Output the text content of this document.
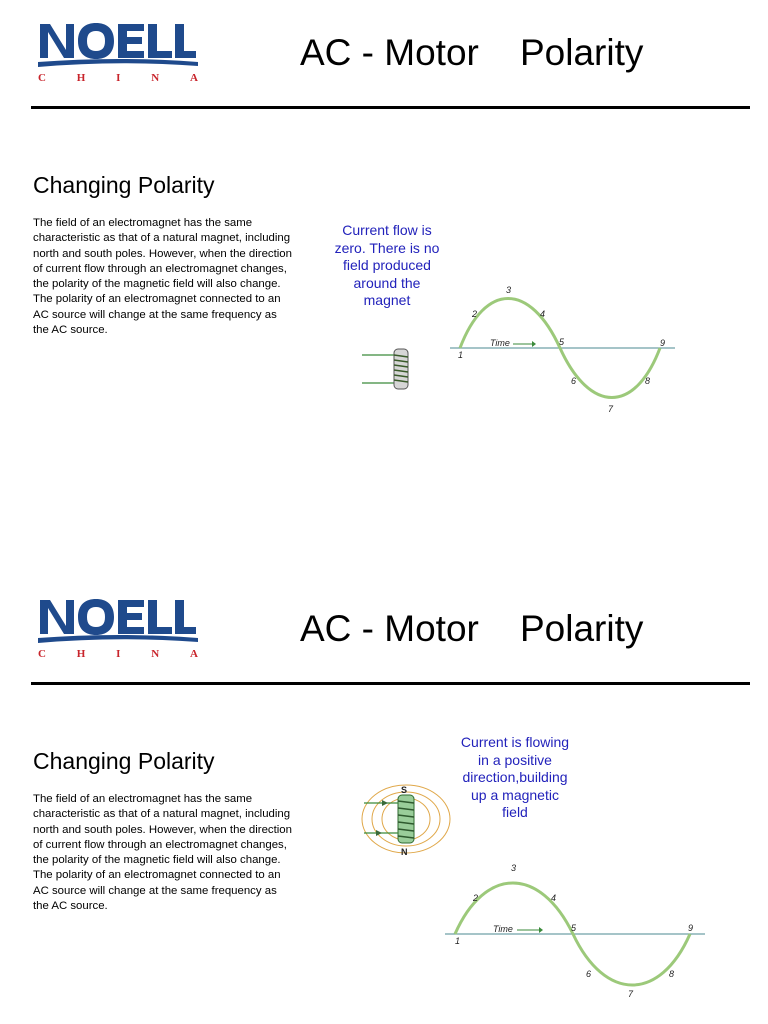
C	H	I	N	A
AC - Motor    Polarity
Changing Polarity
The field of an electromagnet has the same characteristic as that of a natural magnet, including north and south poles. However, when the direction of current flow through an electromagnet changes, the polarity of the magnetic field will also change. The polarity of an electromagnet connected to an AC source will change at the same frequency as the AC source.
Current flow is zero. There is no field produced around the magnet
Time
1
2
3
4
5
6
7
8
9
C	H	I	N	A
AC - Motor    Polarity
Changing Polarity
The field of an electromagnet has the same characteristic as that of a natural magnet, including north and south poles. However, when the direction of current flow through an electromagnet changes, the polarity of the magnetic field will also change. The polarity of an electromagnet connected to an AC source will change at the same frequency as the AC source.
Current is flowing in a positive direction,building up a magnetic field
S
N
Time
1
2
3
4
5
6
7
8
9
